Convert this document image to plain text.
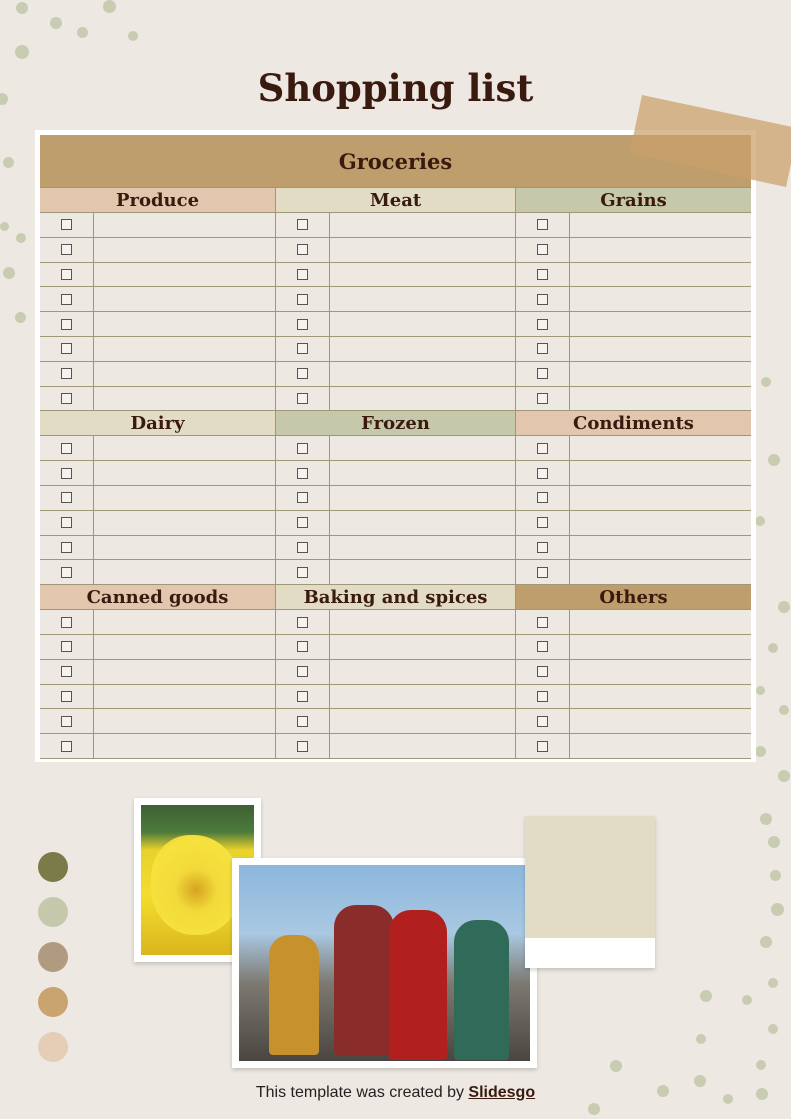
Shopping list
Groceries
Produce	Meat	Grains
Dairy	Frozen	Condiments
Canned goods	Baking and spices	Others
This template was created by Slidesgo
